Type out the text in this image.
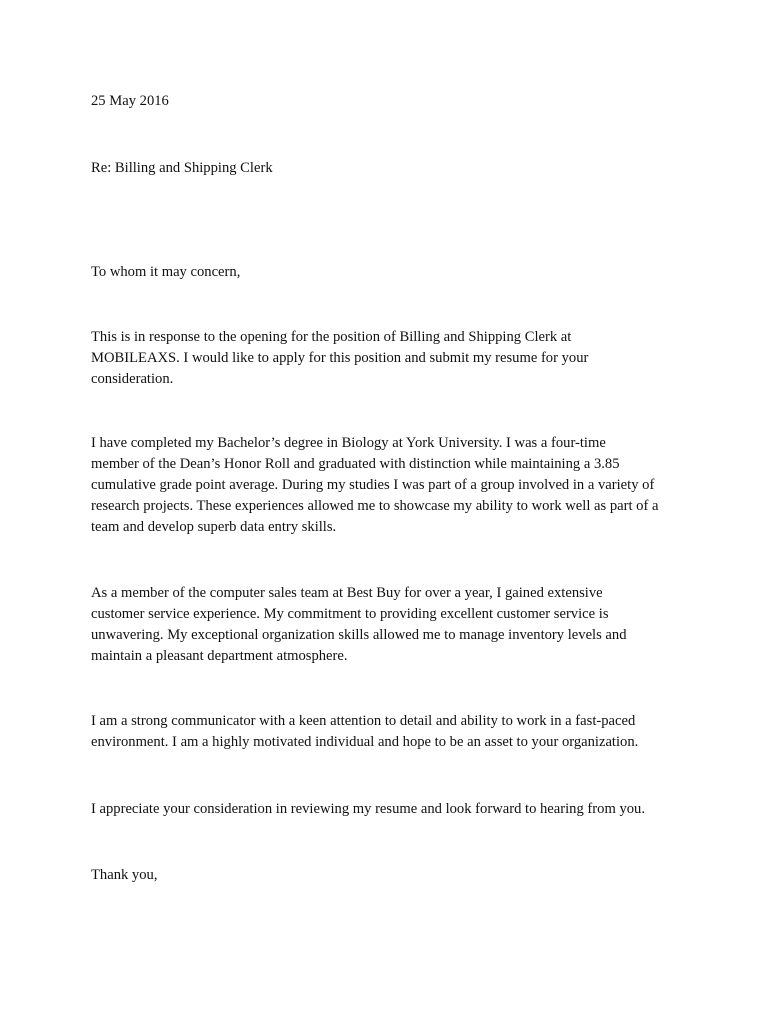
25 May 2016
Re: Billing and Shipping Clerk
To whom it may concern,
This is in response to the opening for the position of Billing and Shipping Clerk at
MOBILEAXS. I would like to apply for this position and submit my resume for your
consideration.
I have completed my Bachelor’s degree in Biology at York University. I was a four-time
member of the Dean’s Honor Roll and graduated with distinction while maintaining a 3.85
cumulative grade point average. During my studies I was part of a group involved in a variety of
research projects. These experiences allowed me to showcase my ability to work well as part of a
team and develop superb data entry skills.
As a member of the computer sales team at Best Buy for over a year, I gained extensive
customer service experience. My commitment to providing excellent customer service is
unwavering. My exceptional organization skills allowed me to manage inventory levels and
maintain a pleasant department atmosphere.
I am a strong communicator with a keen attention to detail and ability to work in a fast-paced
environment. I am a highly motivated individual and hope to be an asset to your organization.
I appreciate your consideration in reviewing my resume and look forward to hearing from you.
Thank you,
